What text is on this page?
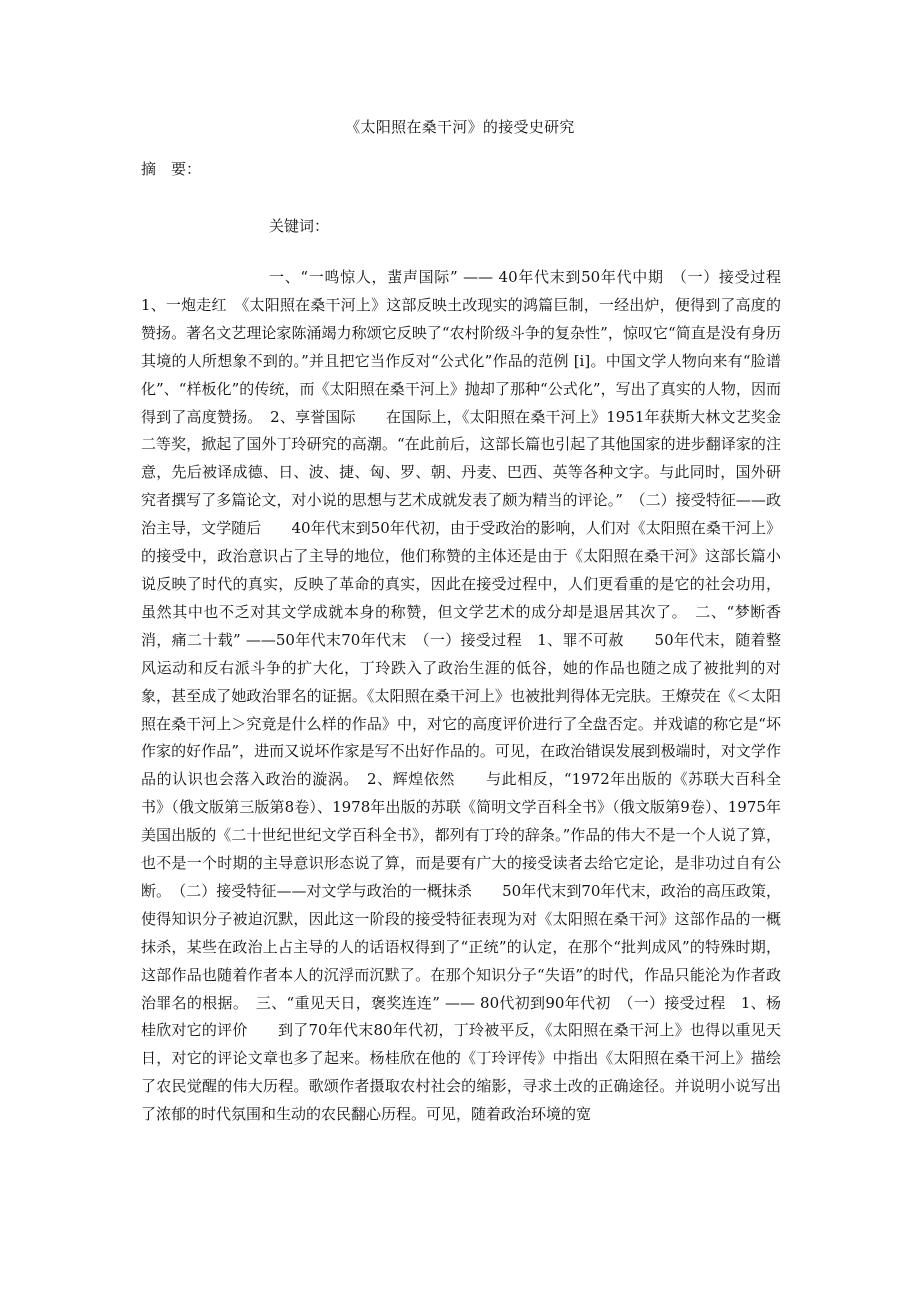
《太阳照在桑干河》的接受史研究
摘　要：
关键词：

一、“一鸣惊人，蜚声国际” —— 40年代末到50年代中期　（一）接受过程　1、一炮走红　《太阳照在桑干河上》这部反映土改现实的鸿篇巨制，一经出炉，便得到了高度的赞扬。著名文艺理论家陈涌竭力称颂它反映了“农村阶级斗争的复杂性”，惊叹它“简直是没有身历其境的人所想象不到的。”并且把它当作反对“公式化”作品的范例 [i]。中国文学人物向来有“脸谱化”、“样板化”的传统，而《太阳照在桑干河上》抛却了那种“公式化”，写出了真实的人物，因而得到了高度赞扬。　2、享誉国际　　在国际上，《太阳照在桑干河上》1951年获斯大林文艺奖金二等奖，掀起了国外丁玲研究的高潮。“在此前后，这部长篇也引起了其他国家的进步翻译家的注意，先后被译成德、日、波、捷、匈、罗、朝、丹麦、巴西、英等各种文字。与此同时，国外研究者撰写了多篇论文，对小说的思想与艺术成就发表了颇为精当的评论。”　（二）接受特征——政治主导，文学随后　　40年代末到50年代初，由于受政治的影响，人们对《太阳照在桑干河上》的接受中，政治意识占了主导的地位，他们称赞的主体还是由于《太阳照在桑干河》这部长篇小说反映了时代的真实，反映了革命的真实，因此在接受过程中，人们更看重的是它的社会功用，虽然其中也不乏对其文学成就本身的称赞，但文学艺术的成分却是退居其次了。　二、“梦断香消，痛二十载” ——50年代末70年代末　（一）接受过程　1、罪不可赦　　50年代末，随着整风运动和反右派斗争的扩大化，丁玲跌入了政治生涯的低谷，她的作品也随之成了被批判的对象，甚至成了她政治罪名的证据。《太阳照在桑干河上》也被批判得体无完肤。王燎荧在《＜太阳照在桑干河上＞究竟是什么样的作品》中，对它的高度评价进行了全盘否定。并戏谑的称它是“坏作家的好作品”，进而又说坏作家是写不出好作品的。可见，在政治错误发展到极端时，对文学作品的认识也会落入政治的漩涡。　2、辉煌依然　　与此相反，“1972年出版的《苏联大百科全书》（俄文版第三版第8卷）、1978年出版的苏联《简明文学百科全书》（俄文版第9卷）、1975年美国出版的《二十世纪世纪文学百科全书》，都列有丁玲的辞条。”作品的伟大不是一个人说了算，也不是一个时期的主导意识形态说了算，而是要有广大的接受读者去给它定论，是非功过自有公断。　（二）接受特征——对文学与政治的一概抹杀　　50年代末到70年代末，政治的高压政策，使得知识分子被迫沉默，因此这一阶段的接受特征表现为对《太阳照在桑干河》这部作品的一概抹杀，某些在政治上占主导的人的话语权得到了“正统”的认定，在那个“批判成风”的特殊时期，这部作品也随着作者本人的沉浮而沉默了。在那个知识分子“失语”的时代，作品只能沦为作者政治罪名的根据。　三、“重见天日，褒奖连连” —— 80代初到90年代初　（一）接受过程　1、杨桂欣对它的评价　　到了70年代末80年代初，丁玲被平反，《太阳照在桑干河上》也得以重见天日，对它的评论文章也多了起来。杨桂欣在他的《丁玲评传》中指出《太阳照在桑干河上》描绘了农民觉醒的伟大历程。歌颂作者摄取农村社会的缩影，寻求土改的正确途径。并说明小说写出了浓郁的时代氛围和生动的农民翻心历程。可见，随着政治环境的宽
